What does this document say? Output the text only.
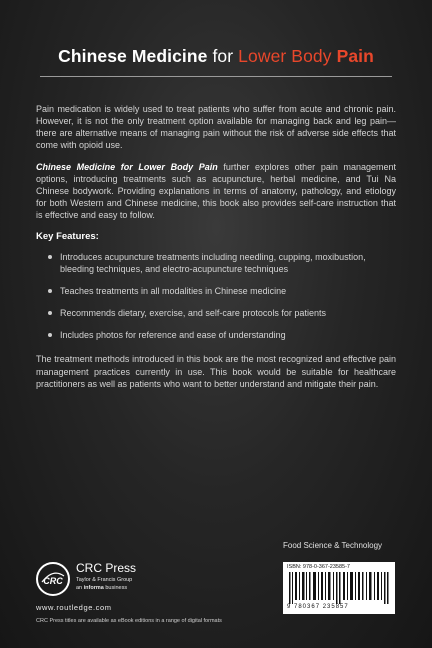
Chinese Medicine for Lower Body Pain

Pain medication is widely used to treat patients who suffer from acute and chronic pain. However, it is not the only treatment option available for managing back and leg pain—there are alternative means of managing pain without the risk of adverse side effects that come with opioid use.

Chinese Medicine for Lower Body Pain further explores other pain management options, introducing treatments such as acupuncture, herbal medicine, and Tui Na Chinese bodywork. Providing explanations in terms of anatomy, pathology, and etiology for both Western and Chinese medicine, this book also provides self-care instruction that is effective and easy to follow.

Key Features:
Introduces acupuncture treatments including needling, cupping, moxibustion, bleeding techniques, and electro-acupuncture techniques
Teaches treatments in all modalities in Chinese medicine
Recommends dietary, exercise, and self-care protocols for patients
Includes photos for reference and ease of understanding

The treatment methods introduced in this book are the most recognized and effective pain management practices currently in use. This book would be suitable for healthcare practitioners as well as patients who want to better understand and mitigate their pain.

Food Science & Technology
ISBN: 978-0-367-23585-7
9 780367 235857
CRC
CRC Press
Taylor & Francis Group
an informa business
www.routledge.com
CRC Press titles are available as eBook editions in a range of digital formats
